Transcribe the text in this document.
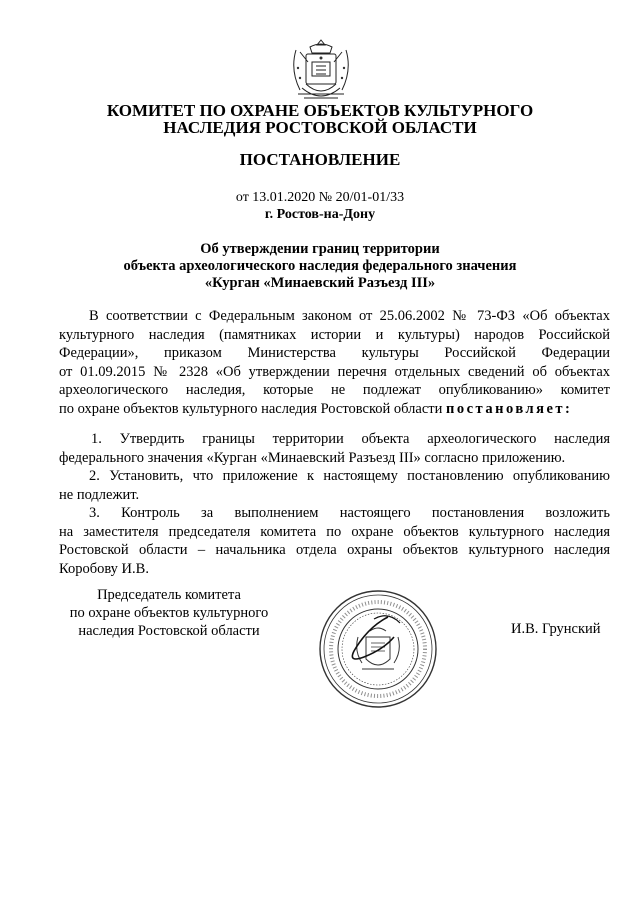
КОМИТЕТ ПО ОХРАНЕ ОБЪЕКТОВ КУЛЬТУРНОГО
НАСЛЕДИЯ РОСТОВСКОЙ ОБЛАСТИ
ПОСТАНОВЛЕНИЕ
от 13.01.2020 № 20/01-01/33
г. Ростов-на-Дону
Об утверждении границ территории
объекта археологического наследия федерального значения
«Курган «Минаевский Разъезд III»
В соответствии с Федеральным законом от 25.06.2002 № 73-ФЗ «Об объектах
культурного наследия (памятниках истории и культуры) народов Российской
Федерации», приказом Министерства культуры Российской Федерации
от 01.09.2015 № 2328 «Об утверждении перечня отдельных сведений об объектах
археологического наследия, которые не подлежат опубликованию» комитет
по охране объектов культурного наследия Ростовской области постановляет:
1. Утвердить границы территории объекта археологического наследия
федерального значения «Курган «Минаевский Разъезд III» согласно приложению.
2. Установить, что приложение к настоящему постановлению опубликованию
не подлежит.
3. Контроль за выполнением настоящего постановления возложить
на заместителя председателя комитета по охране объектов культурного наследия
Ростовской области – начальника отдела охраны объектов культурного наследия
Коробову И.В.
Председатель комитета
по охране объектов культурного
наследия Ростовской области	И.В. Грунский
